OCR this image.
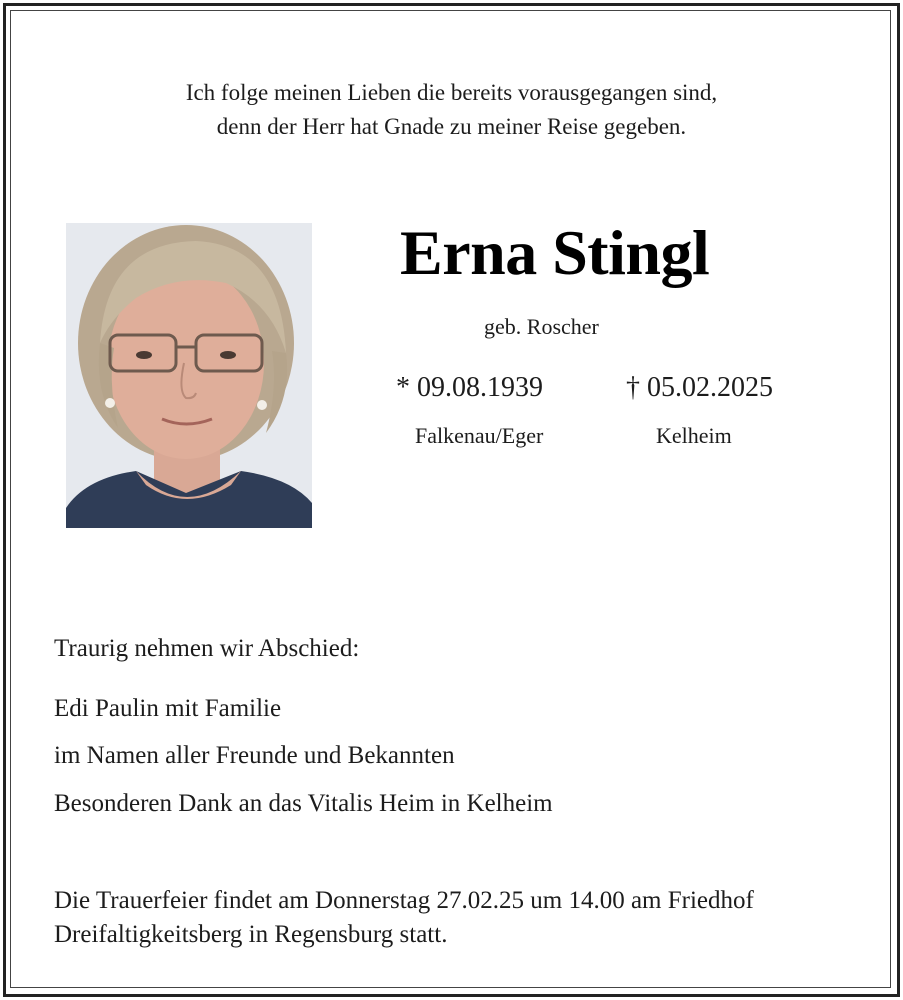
Ich folge meinen Lieben die bereits vorausgegangen sind,
denn der Herr hat Gnade zu meiner Reise gegeben.
Erna Stingl
geb. Roscher
* 09.08.1939	† 05.02.2025
Falkenau/Eger	Kelheim
Traurig nehmen wir Abschied:
Edi Paulin mit Familie
im Namen aller Freunde und Bekannten
Besonderen Dank an das Vitalis Heim in Kelheim
Die Trauerfeier findet am Donnerstag 27.02.25 um 14.00 am Friedhof
Dreifaltigkeitsberg in Regensburg statt.
